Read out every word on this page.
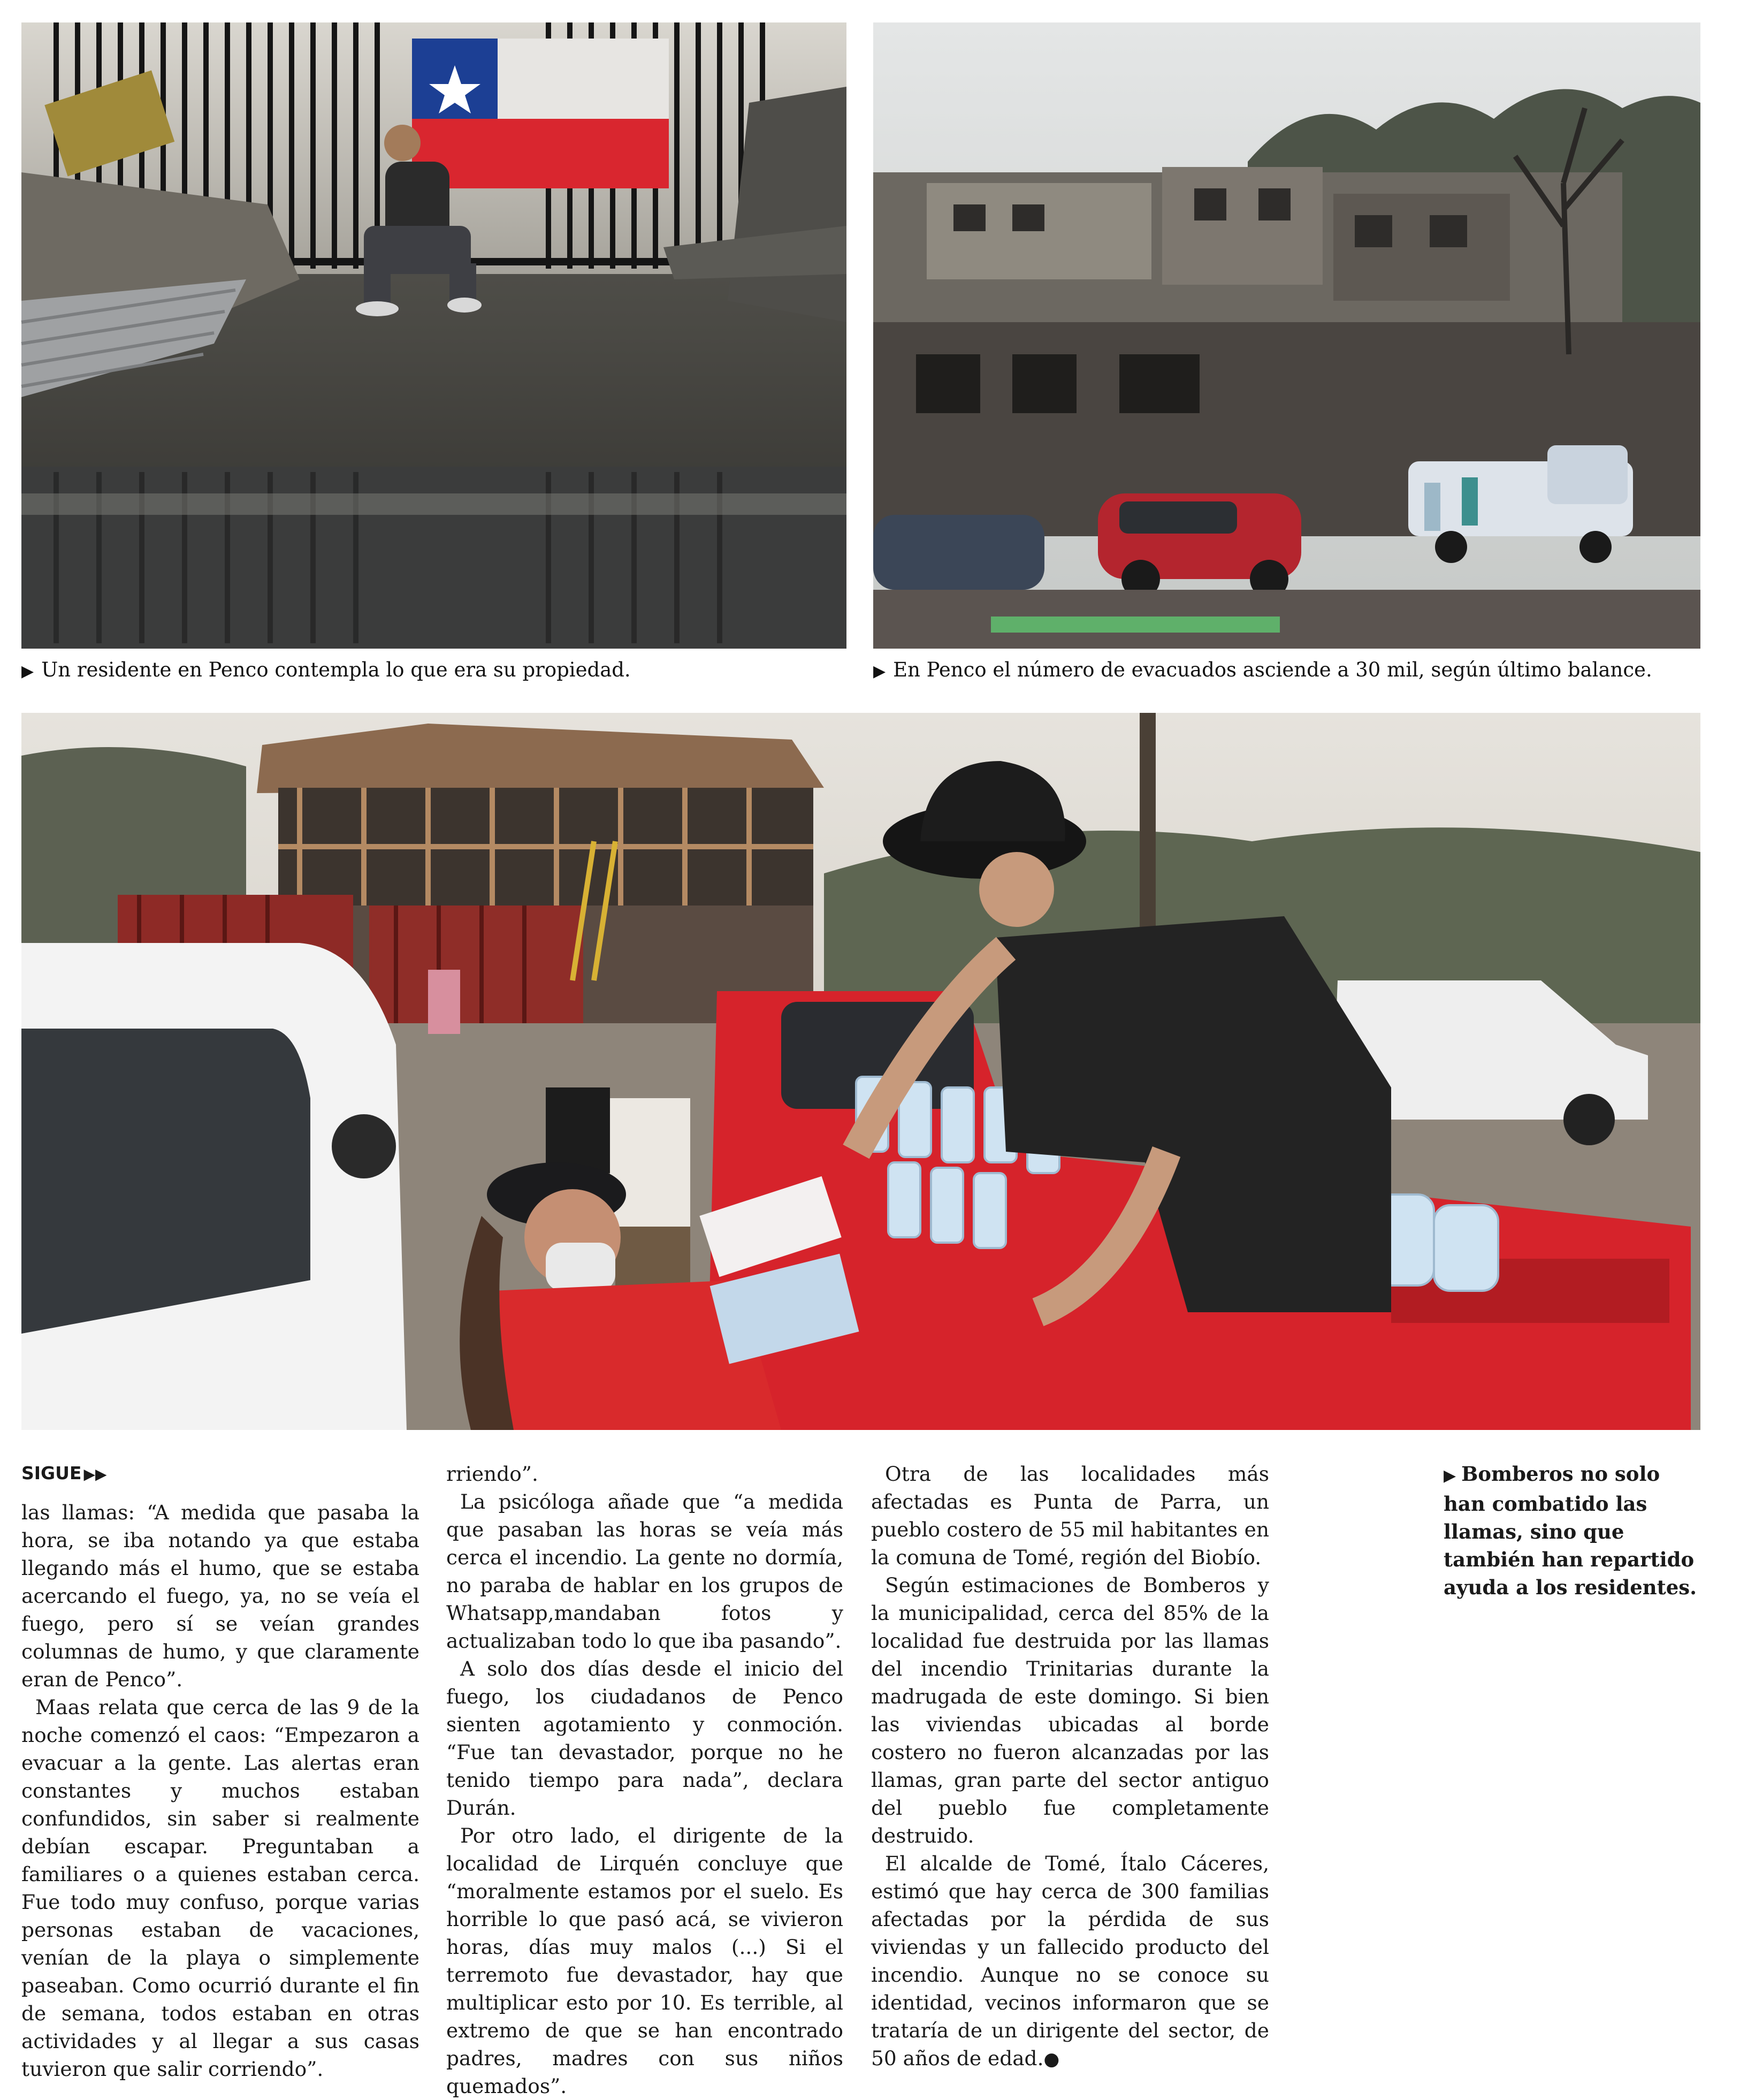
▶ Un residente en Penco contempla lo que era su propiedad.	▶ En Penco el número de evacuados asciende a 30 mil, según último balance.
SIGUE ▶▶

las llamas: “A medida que pasaba la hora, se iba notando ya que estaba llegando más el humo, que se estaba acercando el fuego, ya, no se veía el fuego, pero sí se veían grandes columnas de humo, y que claramente eran de Penco”.

Maas relata que cerca de las 9 de la noche comenzó el caos: “Empezaron a evacuar a la gente. Las alertas eran constantes y muchos estaban confundidos, sin saber si realmente debían escapar. Preguntaban a familiares o a quienes estaban cerca. Fue todo muy confuso, porque varias personas estaban de vacaciones, venían de la playa o simplemente paseaban. Como ocurrió durante el fin de semana, todos estaban en otras actividades y al llegar a sus casas tuvieron que salir corriendo”.

rriendo”.

La psicóloga añade que “a medida que pasaban las horas se veía más cerca el incendio. La gente no dormía, no paraba de hablar en los grupos de Whatsapp,mandaban fotos y actualizaban todo lo que iba pasando”.

A solo dos días desde el inicio del fuego, los ciudadanos de Penco sienten agotamiento y conmoción. “Fue tan devastador, porque no he tenido tiempo para nada”, declara Durán.

Por otro lado, el dirigente de la localidad de Lirquén concluye que “moralmente estamos por el suelo. Es horrible lo que pasó acá, se vivieron horas, días muy malos (...) Si el terremoto fue devastador, hay que multiplicar esto por 10. Es terrible, al extremo de que se han encontrado padres, madres con sus niños quemados”.

Otra de las localidades más afectadas es Punta de Parra, un pueblo costero de 55 mil habitantes en la comuna de Tomé, región del Biobío.

Según estimaciones de Bomberos y la municipalidad, cerca del 85% de la localidad fue destruida por las llamas del incendio Trinitarias durante la madrugada de este domingo. Si bien las viviendas ubicadas al borde costero no fueron alcanzadas por las llamas, gran parte del sector antiguo del pueblo fue completamente destruido.

El alcalde de Tomé, Ítalo Cáceres, estimó que hay cerca de 300 familias afectadas por la pérdida de sus viviendas y un fallecido producto del incendio. Aunque no se conoce su identidad, vecinos informaron que se trataría de un dirigente del sector, de 50 años de edad.●

▶ Bomberos no solo han combatido las llamas, sino que también han repartido ayuda a los residentes.
